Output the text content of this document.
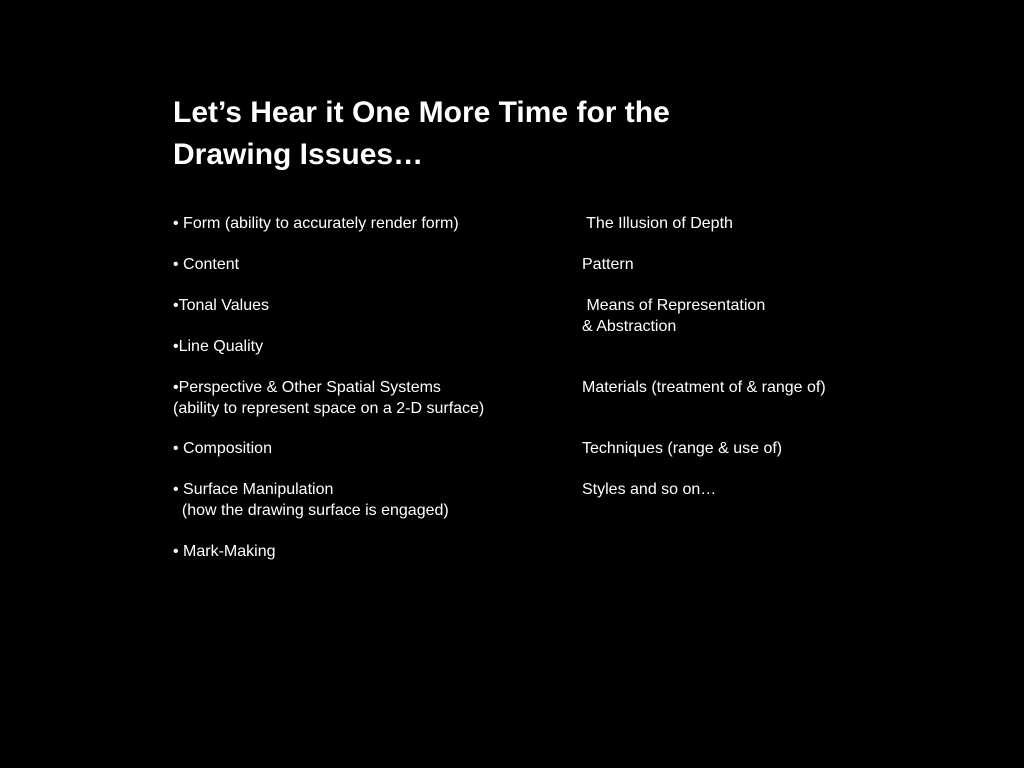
Let’s Hear it One More Time for the
Drawing Issues…
• Form (ability to accurately render form)
• Content
•Tonal Values
•Line Quality
•Perspective & Other Spatial Systems
(ability to represent space on a 2-D surface)
• Composition
• Surface Manipulation
(how the drawing surface is engaged)
• Mark-Making
The Illusion of Depth
Pattern
Means of Representation
& Abstraction
Materials (treatment of & range of)
Techniques (range & use of)
Styles and so on…
